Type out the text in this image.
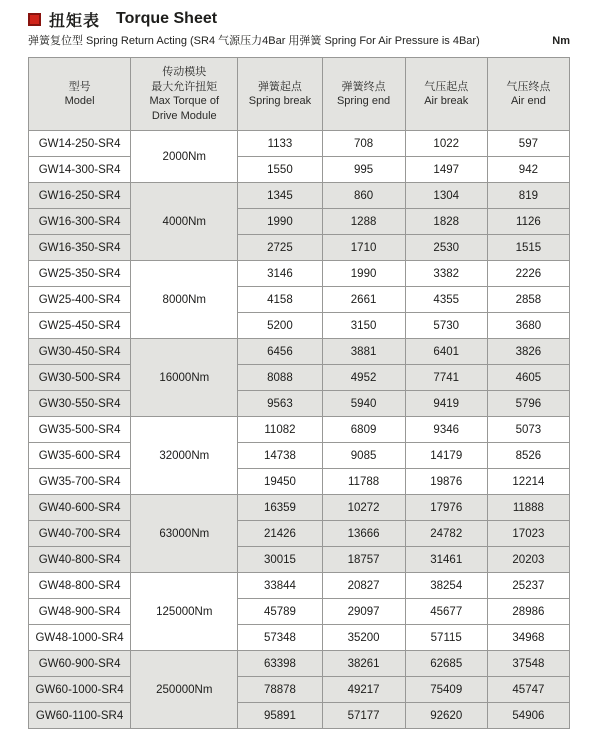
扭矩表 Torque Sheet
弹簧复位型 Spring Return Acting (SR4 气源压力4Bar 用弹簧 Spring For Air Pressure is 4Bar)	Nm
型号
Model

传动模块
最大允许扭矩
Max Torque of
Drive Module

弹簧起点
Spring break

弹簧终点
Spring end

气压起点
Air break

气压终点
Air end

GW14-250-SR4	2000Nm	1133	708	1022	597
GW14-300-SR4		1550	995	1497	942
GW16-250-SR4	4000Nm	1345	860	1304	819
GW16-300-SR4		1990	1288	1828	1126
GW16-350-SR4		2725	1710	2530	1515
GW25-350-SR4	8000Nm	3146	1990	3382	2226
GW25-400-SR4		4158	2661	4355	2858
GW25-450-SR4		5200	3150	5730	3680
GW30-450-SR4	16000Nm	6456	3881	6401	3826
GW30-500-SR4		8088	4952	7741	4605
GW30-550-SR4		9563	5940	9419	5796
GW35-500-SR4	32000Nm	11082	6809	9346	5073
GW35-600-SR4		14738	9085	14179	8526
GW35-700-SR4		19450	11788	19876	12214
GW40-600-SR4	63000Nm	16359	10272	17976	11888
GW40-700-SR4		21426	13666	24782	17023
GW40-800-SR4		30015	18757	31461	20203
GW48-800-SR4	125000Nm	33844	20827	38254	25237
GW48-900-SR4		45789	29097	45677	28986
GW48-1000-SR4		57348	35200	57115	34968
GW60-900-SR4	250000Nm	63398	38261	62685	37548
GW60-1000-SR4		78878	49217	75409	45747
GW60-1100-SR4		95891	57177	92620	54906
